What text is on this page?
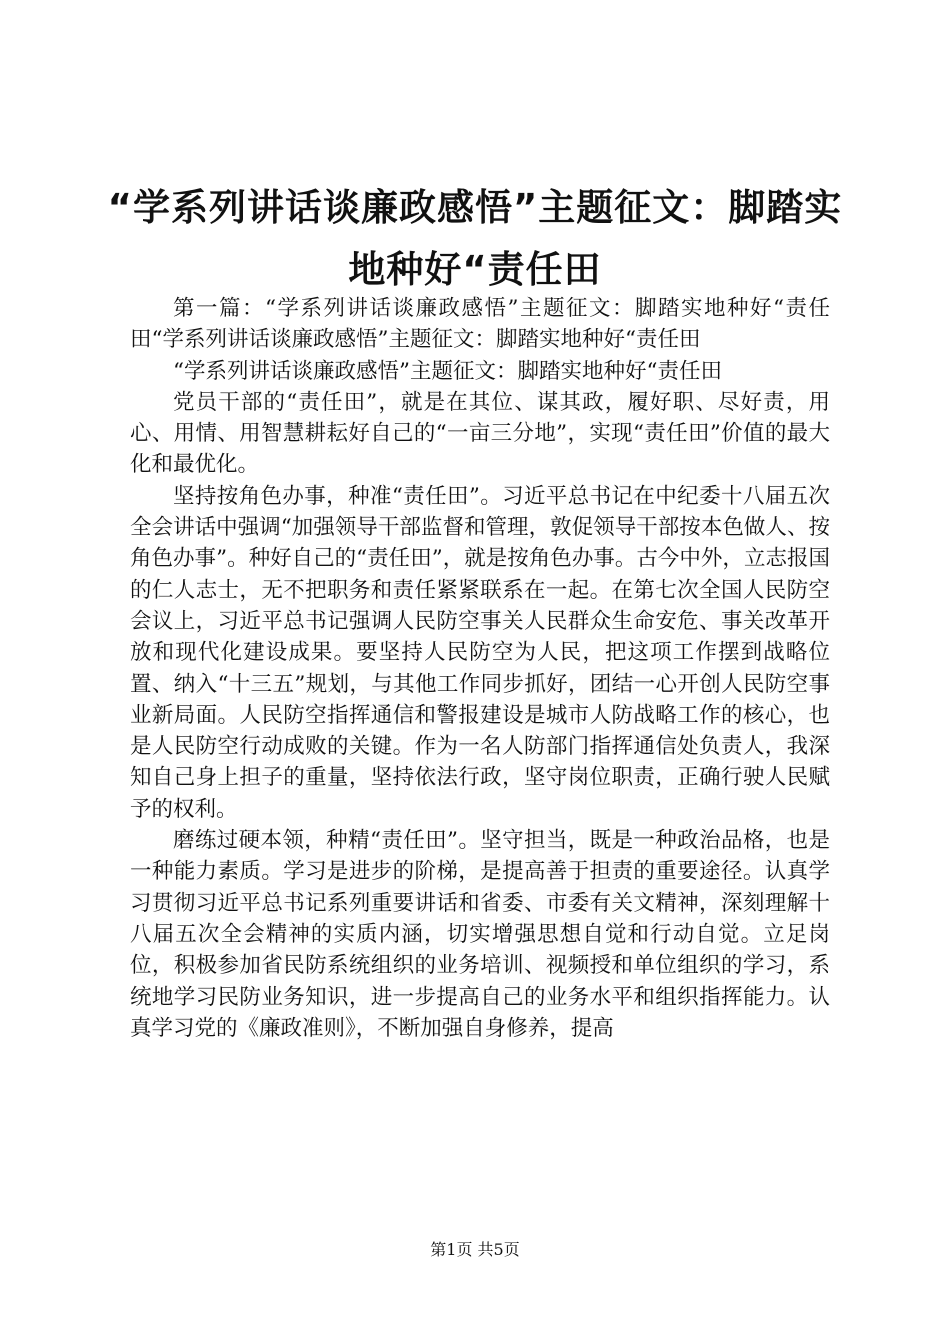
“学系列讲话谈廉政感悟”主题征文：脚踏实
地种好“责任田

第一篇：“学系列讲话谈廉政感悟”主题征文：脚踏实地种好“责任田“学系列讲话谈廉政感悟”主题征文：脚踏实地种好“责任田

“学系列讲话谈廉政感悟”主题征文：脚踏实地种好“责任田

党员干部的“责任田”，就是在其位、谋其政，履好职、尽好责，用心、用情、用智慧耕耘好自己的“一亩三分地”，实现“责任田”价值的最大化和最优化。

坚持按角色办事，种准“责任田”。习近平总书记在中纪委十八届五次全会讲话中强调“加强领导干部监督和管理，敦促领导干部按本色做人、按角色办事”。种好自己的“责任田”，就是按角色办事。古今中外，立志报国的仁人志士，无不把职务和责任紧紧联系在一起。在第七次全国人民防空会议上，习近平总书记强调人民防空事关人民群众生命安危、事关改革开放和现代化建设成果。要坚持人民防空为人民，把这项工作摆到战略位置、纳入“十三五”规划，与其他工作同步抓好，团结一心开创人民防空事业新局面。人民防空指挥通信和警报建设是城市人防战略工作的核心，也是人民防空行动成败的关键。作为一名人防部门指挥通信处负责人，我深知自己身上担子的重量，坚持依法行政，坚守岗位职责，正确行驶人民赋予的权利。

磨练过硬本领，种精“责任田”。坚守担当，既是一种政治品格，也是一种能力素质。学习是进步的阶梯，是提高善于担责的重要途径。认真学习贯彻习近平总书记系列重要讲话和省委、市委有关文精神，深刻理解十八届五次全会精神的实质内涵，切实增强思想自觉和行动自觉。立足岗位，积极参加省民防系统组织的业务培训、视频授和单位组织的学习，系统地学习民防业务知识，进一步提高自己的业务水平和组织指挥能力。认真学习党的《廉政准则》，不断加强自身修养，提高

第1页 共5页
